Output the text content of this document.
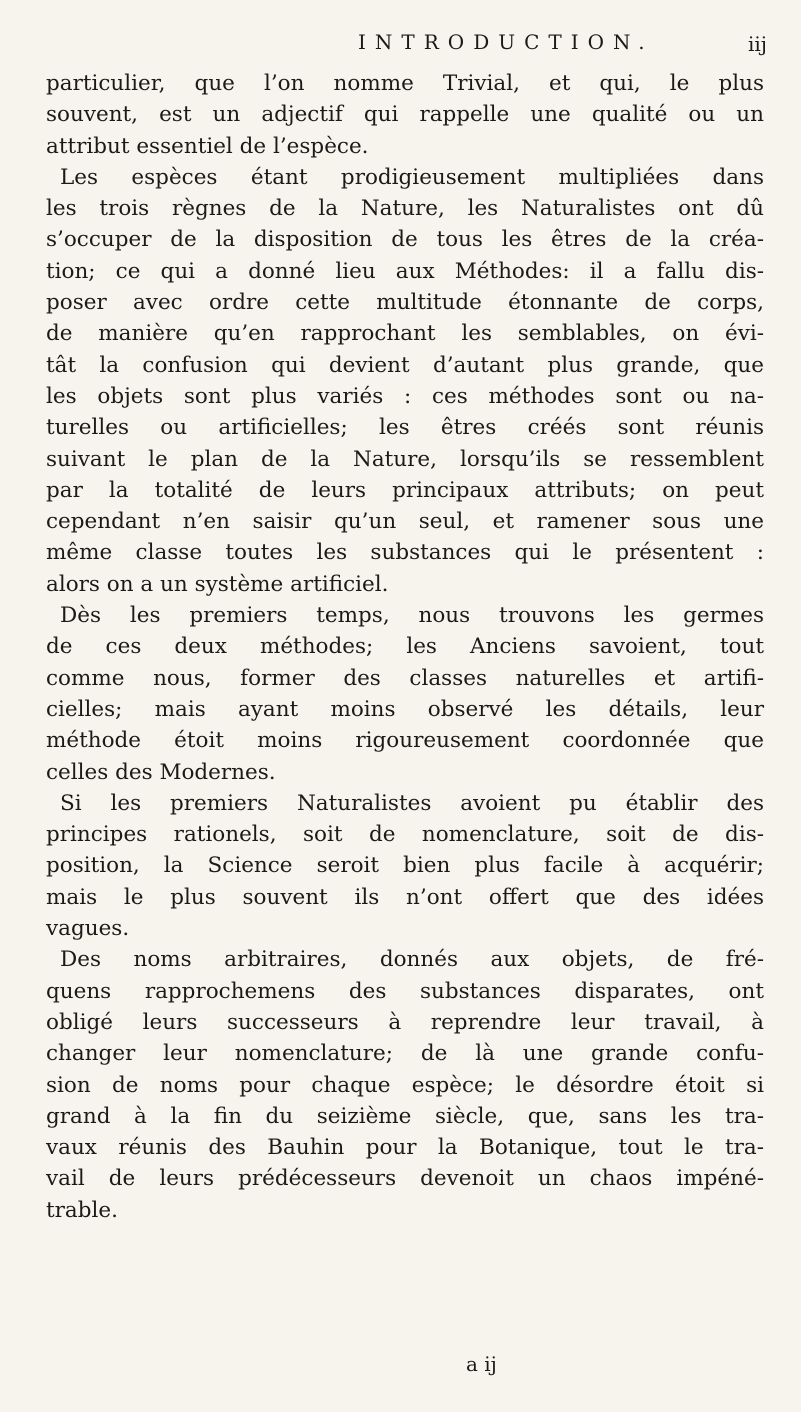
INTRODUCTION.	iij
particulier, que l’on nomme Trivial, et qui, le plus
souvent, est un adjectif qui rappelle une qualité ou un
attribut essentiel de l’espèce.
Les espèces étant prodigieusement multipliées dans
les trois règnes de la Nature, les Naturalistes ont dû
s’occuper de la disposition de tous les êtres de la créa-
tion; ce qui a donné lieu aux Méthodes: il a fallu dis-
poser avec ordre cette multitude étonnante de corps,
de manière qu’en rapprochant les semblables, on évi-
tât la confusion qui devient d’autant plus grande, que
les objets sont plus variés : ces méthodes sont ou na-
turelles ou artificielles; les êtres créés sont réunis
suivant le plan de la Nature, lorsqu’ils se ressemblent
par la totalité de leurs principaux attributs; on peut
cependant n’en saisir qu’un seul, et ramener sous une
même classe toutes les substances qui le présentent :
alors on a un système artificiel.
Dès les premiers temps, nous trouvons les germes
de ces deux méthodes; les Anciens savoient, tout
comme nous, former des classes naturelles et artifi-
cielles; mais ayant moins observé les détails, leur
méthode étoit moins rigoureusement coordonnée que
celles des Modernes.
Si les premiers Naturalistes avoient pu établir des
principes rationels, soit de nomenclature, soit de dis-
position, la Science seroit bien plus facile à acquérir;
mais le plus souvent ils n’ont offert que des idées
vagues.
Des noms arbitraires, donnés aux objets, de fré-
quens rapprochemens des substances disparates, ont
obligé leurs successeurs à reprendre leur travail, à
changer leur nomenclature; de là une grande confu-
sion de noms pour chaque espèce; le désordre étoit si
grand à la fin du seizième siècle, que, sans les tra-
vaux réunis des Bauhin pour la Botanique, tout le tra-
vail de leurs prédécesseurs devenoit un chaos impéné-
trable.
a ij
